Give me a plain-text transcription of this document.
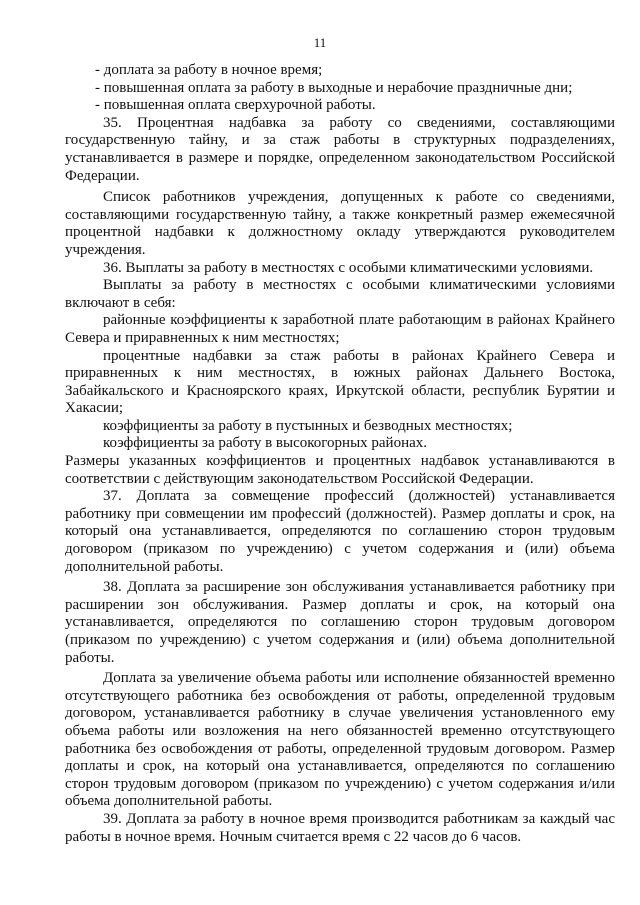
11

- доплата за работу в ночное время;

- повышенная оплата за работу в выходные и нерабочие праздничные дни;

- повышенная оплата сверхурочной работы.

35. Процентная надбавка за работу со сведениями, составляющими государственную тайну, и за стаж работы в структурных подразделениях, устанавливается в размере и порядке, определенном законодательством Российской Федерации.

Список работников учреждения, допущенных к работе со сведениями, составляющими государственную тайну, а также конкретный размер ежемесячной процентной надбавки к должностному окладу утверждаются руководителем учреждения.

36. Выплаты за работу в местностях с особыми климатическими условиями.

Выплаты за работу в местностях с особыми климатическими условиями включают в себя:

районные коэффициенты к заработной плате работающим в районах Крайнего Севера и приравненных к ним местностях;

процентные надбавки за стаж работы в районах Крайнего Севера и приравненных к ним местностях, в южных районах Дальнего Востока, Забайкальского и Красноярского краях, Иркутской области, республик Бурятии и Хакасии;

коэффициенты за работу в пустынных и безводных местностях;

коэффициенты за работу в высокогорных районах.

Размеры указанных коэффициентов и процентных надбавок устанавливаются в соответствии с действующим законодательством Российской Федерации.

37. Доплата за совмещение профессий (должностей) устанавливается работнику при совмещении им профессий (должностей). Размер доплаты и срок, на который она устанавливается, определяются по соглашению сторон трудовым договором (приказом по учреждению) с учетом содержания и (или) объема дополнительной работы.

38. Доплата за расширение зон обслуживания устанавливается работнику при расширении зон обслуживания. Размер доплаты и срок, на который она устанавливается, определяются по соглашению сторон трудовым договором (приказом по учреждению) с учетом содержания и (или) объема дополнительной работы.

Доплата за увеличение объема работы или исполнение обязанностей временно отсутствующего работника без освобождения от работы, определенной трудовым договором, устанавливается работнику в случае увеличения установленного ему объема работы или возложения на него обязанностей временно отсутствующего работника без освобождения от работы, определенной трудовым договором. Размер доплаты и срок, на который она устанавливается, определяются по соглашению сторон трудовым договором (приказом по учреждению) с учетом содержания и/или объема дополнительной работы.

39. Доплата за работу в ночное время производится работникам за каждый час работы в ночное время. Ночным считается время с 22 часов до 6 часов.
